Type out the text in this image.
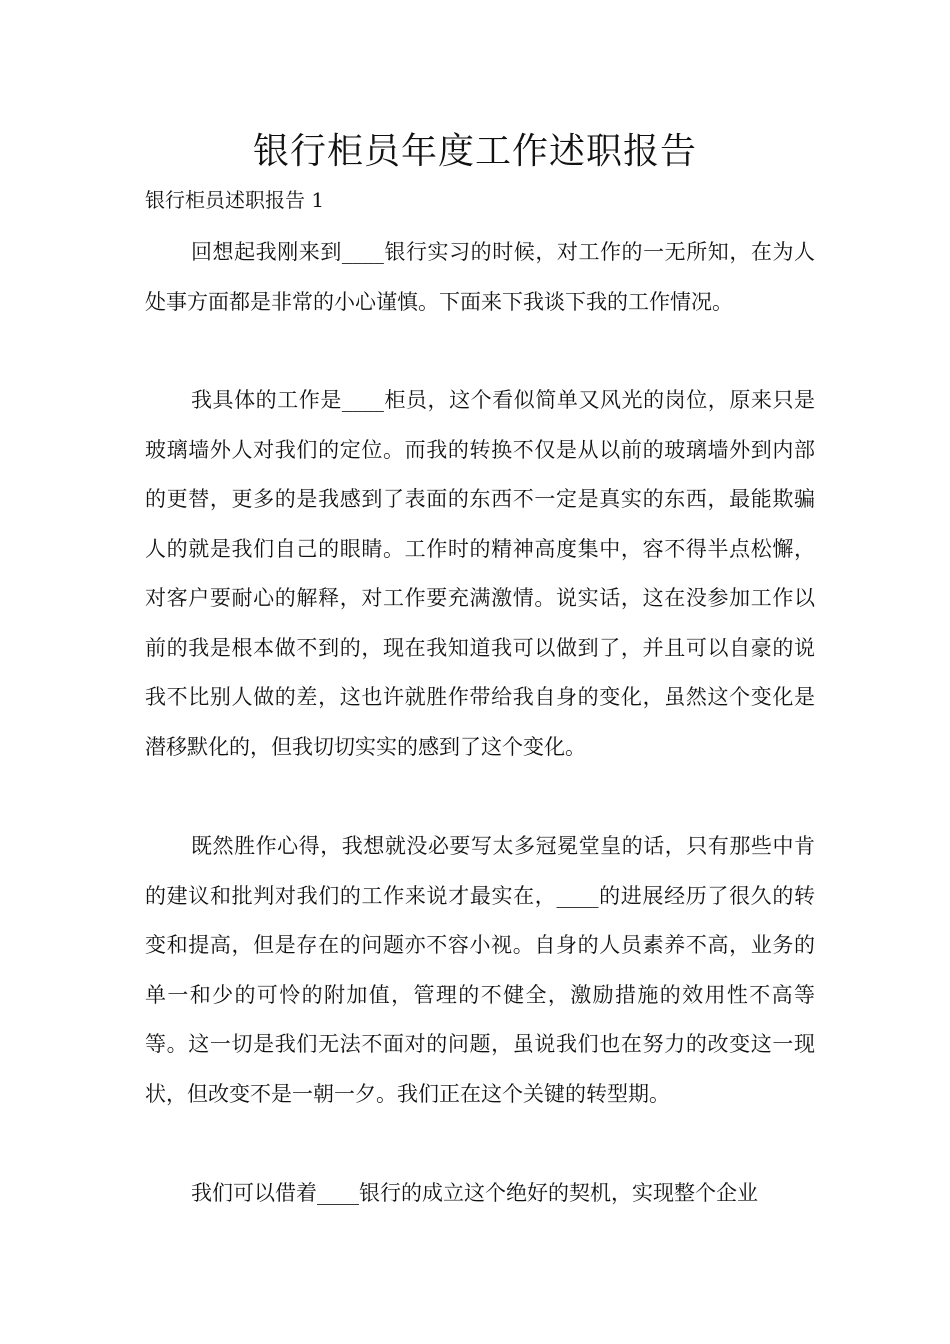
银行柜员年度工作述职报告
银行柜员述职报告 1

回想起我刚来到____银行实习的时候，对工作的一无所知，在为人处事方面都是非常的小心谨慎。下面来下我谈下我的工作情况。

我具体的工作是____柜员，这个看似简单又风光的岗位，原来只是玻璃墙外人对我们的定位。而我的转换不仅是从以前的玻璃墙外到内部的更替，更多的是我感到了表面的东西不一定是真实的东西，最能欺骗人的就是我们自己的眼睛。工作时的精神高度集中，容不得半点松懈，对客户要耐心的解释，对工作要充满激情。说实话，这在没参加工作以前的我是根本做不到的，现在我知道我可以做到了，并且可以自豪的说我不比别人做的差，这也许就胜作带给我自身的变化，虽然这个变化是潜移默化的，但我切切实实的感到了这个变化。

既然胜作心得，我想就没必要写太多冠冕堂皇的话，只有那些中肯的建议和批判对我们的工作来说才最实在，____的进展经历了很久的转变和提高，但是存在的问题亦不容小视。自身的人员素养不高，业务的单一和少的可怜的附加值，管理的不健全，激励措施的效用性不高等等。这一切是我们无法不面对的问题，虽说我们也在努力的改变这一现状，但改变不是一朝一夕。我们正在这个关键的转型期。

我们可以借着____银行的成立这个绝好的契机，实现整个企业
